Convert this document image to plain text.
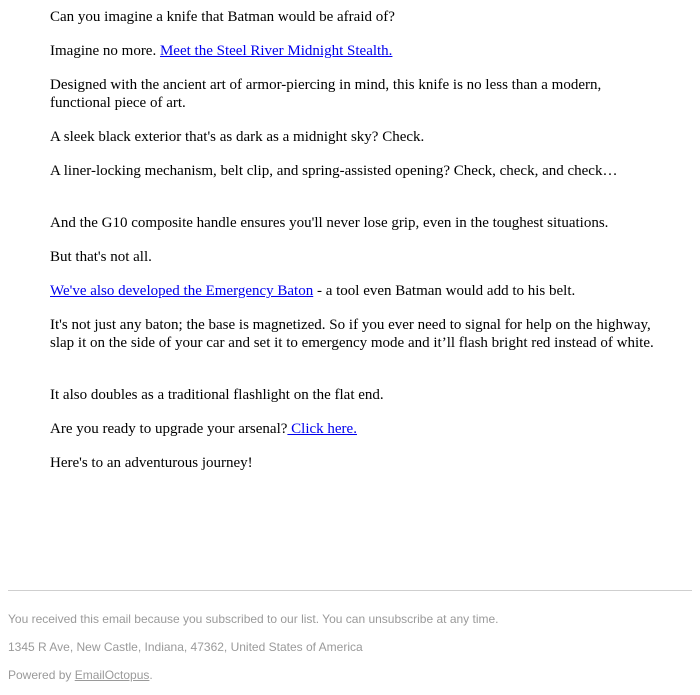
Can you imagine a knife that Batman would be afraid of?

Imagine no more. Meet the Steel River Midnight Stealth.

Designed with the ancient art of armor-piercing in mind, this knife is no less than a modern, functional piece of art.

A sleek black exterior that's as dark as a midnight sky? Check.

A liner-locking mechanism, belt clip, and spring-assisted opening? Check, check, and check…

And the G10 composite handle ensures you'll never lose grip, even in the toughest situations.

But that's not all.

We've also developed the Emergency Baton - a tool even Batman would add to his belt.

It's not just any baton; the base is magnetized. So if you ever need to signal for help on the highway, slap it on the side of your car and set it to emergency mode and it’ll flash bright red instead of white.

It also doubles as a traditional flashlight on the flat end.

Are you ready to upgrade your arsenal? Click here.

Here's to an adventurous journey!

You received this email because you subscribed to our list. You can unsubscribe at any time.
1345 R Ave, New Castle, Indiana, 47362, United States of America
Powered by EmailOctopus.
